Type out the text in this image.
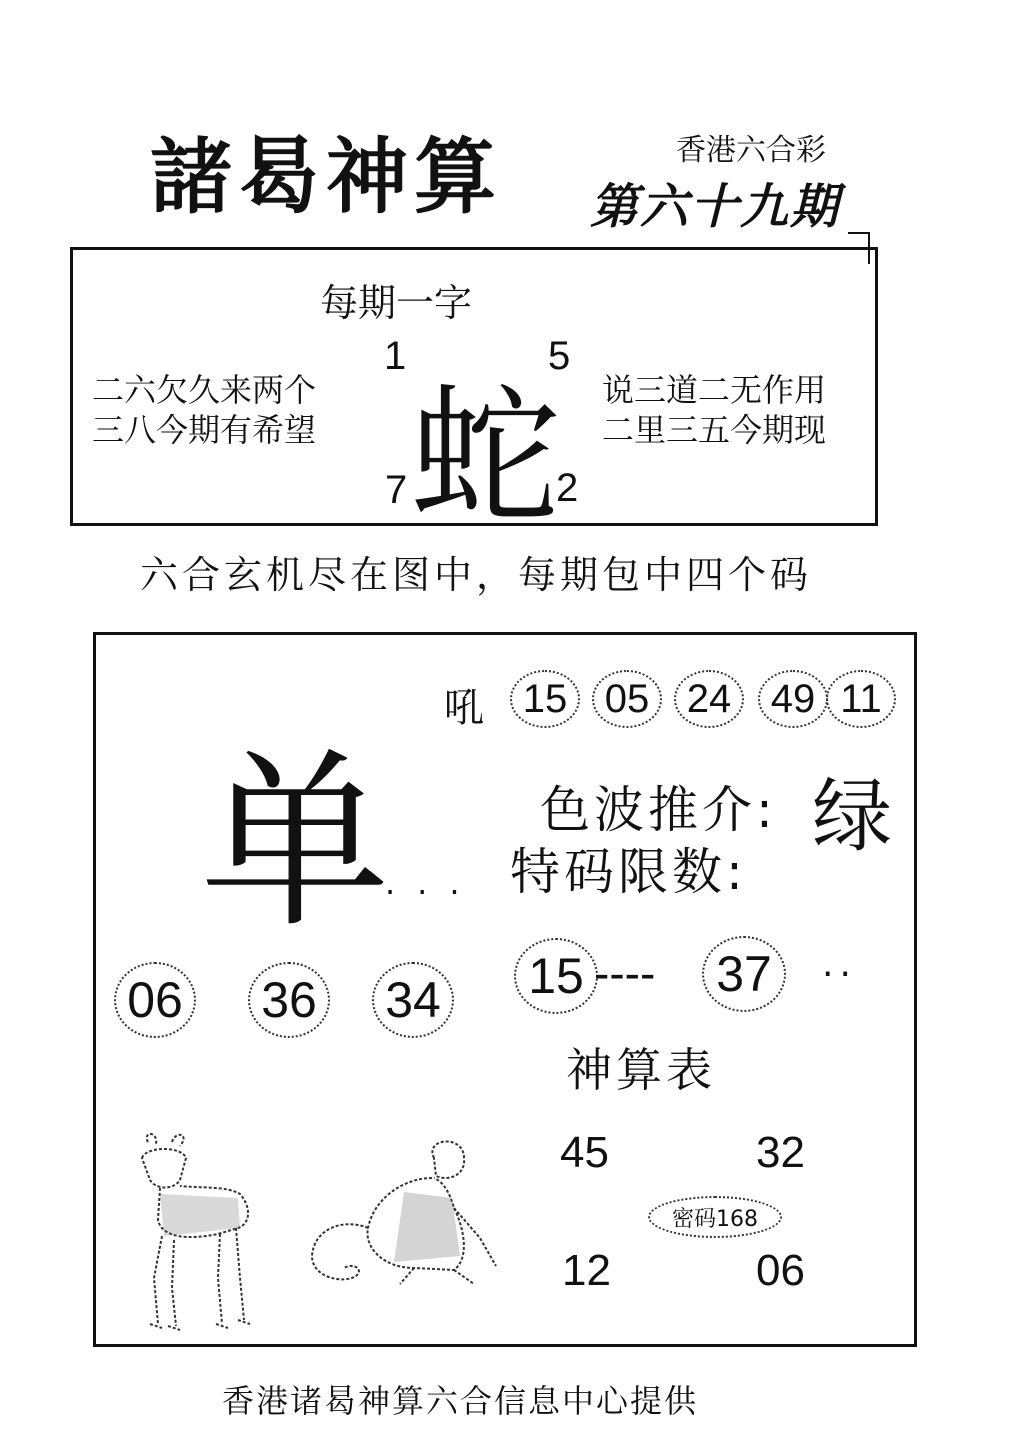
諸曷神算	香港六合彩
第六十九期
每期一字
二六欠久来两个
三八今期有希望
说三道二无作用
二里三五今期现
蛇
1	5
7	2
六合玄机尽在图中，每期包中四个码
吼 15 05 24 49 11
单	色波推介: 绿
特码限数:
...
06 36 34 15 ---- 37	..
神算表
45	32
12	06
密码168
香港诸曷神算六合信息中心提供
